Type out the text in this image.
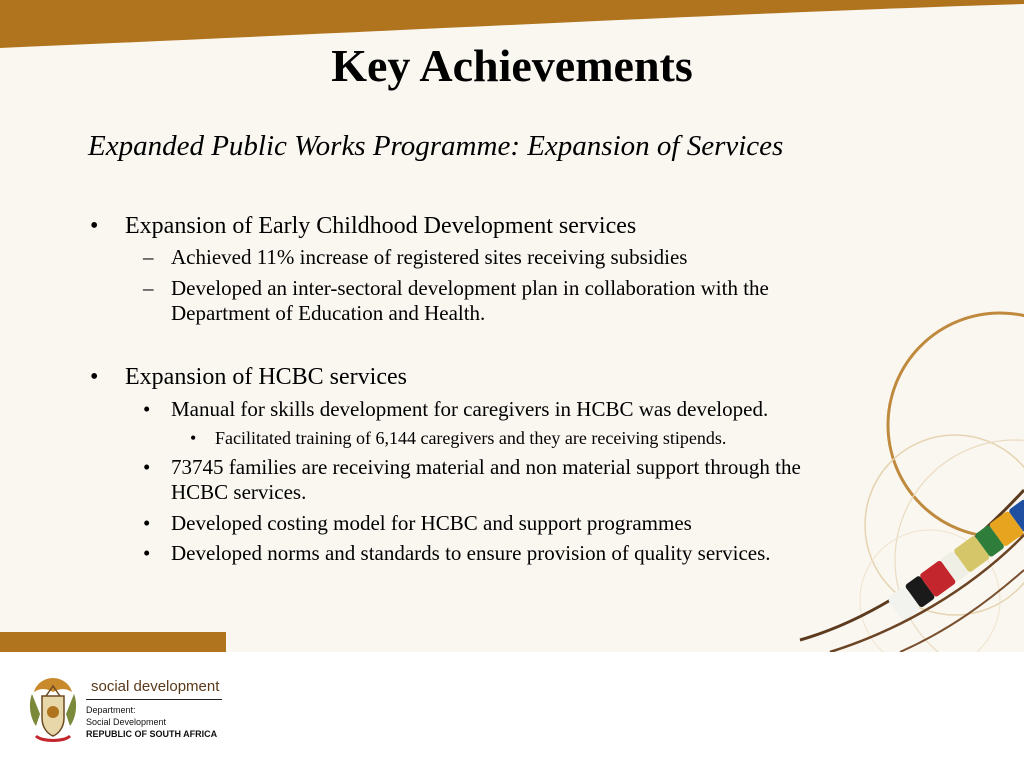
Key Achievements
Expanded Public Works Programme: Expansion of Services
• Expansion of Early Childhood Development services
– Achieved 11% increase of registered sites receiving subsidies
– Developed an inter-sectoral development plan in collaboration with the
Department of Education and Health.
• Expansion of HCBC services
• Manual for skills development for caregivers in HCBC was developed.
• Facilitated training of 6,144 caregivers and they are receiving stipends.
• 73745 families are receiving material and non material support through the
HCBC services.
• Developed costing model for HCBC and support programmes
• Developed norms and standards to ensure provision of quality services.
social development
Department:
Social Development
REPUBLIC OF SOUTH AFRICA
